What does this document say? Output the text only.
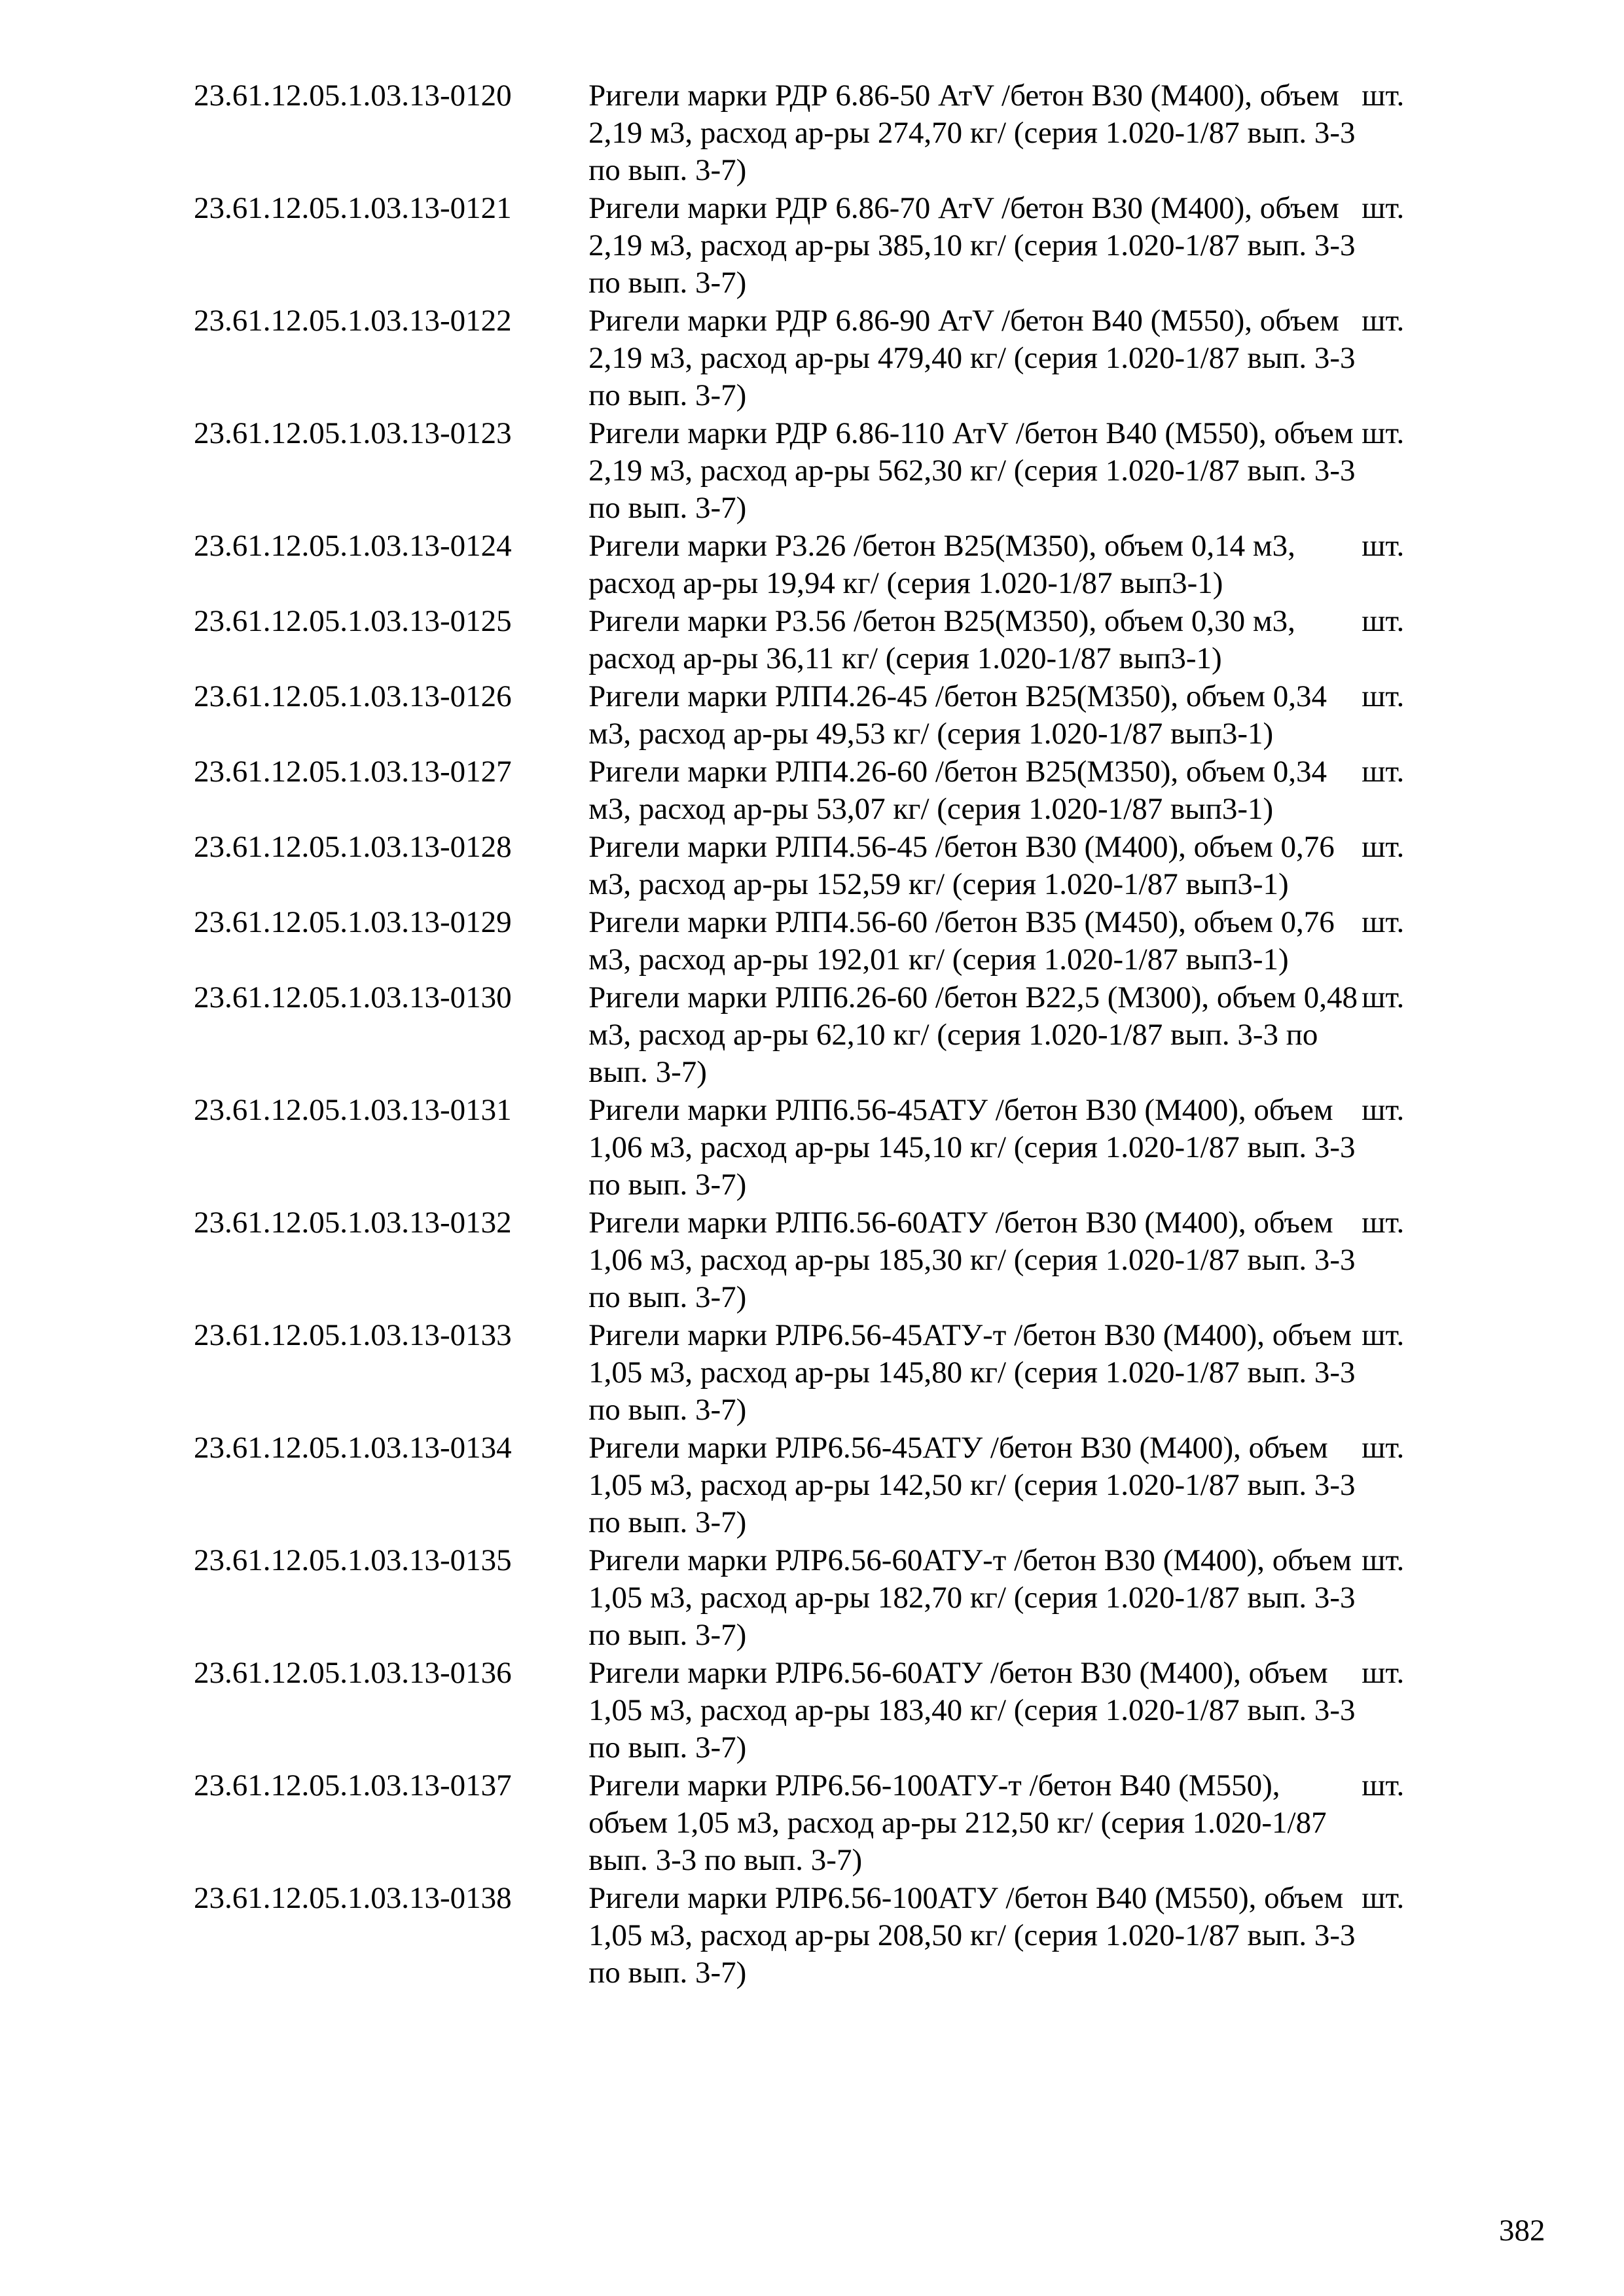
23.61.12.05.1.03.13-0120	Ригели марки РДР 6.86-50 АтV /бетон В30 (М400), объем 2,19 м3, расход ар-ры 274,70 кг/ (серия 1.020-1/87 вып. 3-3 по вып. 3-7)	шт.
23.61.12.05.1.03.13-0121	Ригели марки РДР 6.86-70 АтV /бетон В30 (М400), объем 2,19 м3, расход ар-ры 385,10 кг/ (серия 1.020-1/87 вып. 3-3 по вып. 3-7)	шт.
23.61.12.05.1.03.13-0122	Ригели марки РДР 6.86-90 АтV /бетон В40 (М550), объем 2,19 м3, расход ар-ры 479,40 кг/ (серия 1.020-1/87 вып. 3-3 по вып. 3-7)	шт.
23.61.12.05.1.03.13-0123	Ригели марки РДР 6.86-110 АтV /бетон В40 (М550), объем 2,19 м3, расход ар-ры 562,30 кг/ (серия 1.020-1/87 вып. 3-3 по вып. 3-7)	шт.
23.61.12.05.1.03.13-0124	Ригели марки Р3.26 /бетон В25(М350), объем 0,14 м3, расход ар-ры 19,94 кг/ (серия 1.020-1/87 вып3-1)	шт.
23.61.12.05.1.03.13-0125	Ригели марки Р3.56 /бетон В25(М350), объем 0,30 м3, расход ар-ры 36,11 кг/ (серия 1.020-1/87 вып3-1)	шт.
23.61.12.05.1.03.13-0126	Ригели марки РЛП4.26-45 /бетон В25(М350), объем 0,34 м3, расход ар-ры 49,53 кг/ (серия 1.020-1/87 вып3-1)	шт.
23.61.12.05.1.03.13-0127	Ригели марки РЛП4.26-60 /бетон В25(М350), объем 0,34 м3, расход ар-ры 53,07 кг/ (серия 1.020-1/87 вып3-1)	шт.
23.61.12.05.1.03.13-0128	Ригели марки РЛП4.56-45 /бетон В30 (М400), объем 0,76 м3, расход ар-ры 152,59 кг/ (серия 1.020-1/87 вып3-1)	шт.
23.61.12.05.1.03.13-0129	Ригели марки РЛП4.56-60 /бетон В35 (М450), объем 0,76 м3, расход ар-ры 192,01 кг/ (серия 1.020-1/87 вып3-1)	шт.
23.61.12.05.1.03.13-0130	Ригели марки РЛП6.26-60 /бетон В22,5 (М300), объем 0,48 м3, расход ар-ры 62,10 кг/ (серия 1.020-1/87 вып. 3-3 по вып. 3-7)	шт.
23.61.12.05.1.03.13-0131	Ригели марки РЛП6.56-45АТУ /бетон В30 (М400), объем 1,06 м3, расход ар-ры 145,10 кг/ (серия 1.020-1/87 вып. 3-3 по вып. 3-7)	шт.
23.61.12.05.1.03.13-0132	Ригели марки РЛП6.56-60АТУ /бетон В30 (М400), объем 1,06 м3, расход ар-ры 185,30 кг/ (серия 1.020-1/87 вып. 3-3 по вып. 3-7)	шт.
23.61.12.05.1.03.13-0133	Ригели марки РЛР6.56-45АТУ-т /бетон В30 (М400), объем 1,05 м3, расход ар-ры 145,80 кг/ (серия 1.020-1/87 вып. 3-3 по вып. 3-7)	шт.
23.61.12.05.1.03.13-0134	Ригели марки РЛР6.56-45АТУ /бетон В30 (М400), объем 1,05 м3, расход ар-ры 142,50 кг/ (серия 1.020-1/87 вып. 3-3 по вып. 3-7)	шт.
23.61.12.05.1.03.13-0135	Ригели марки РЛР6.56-60АТУ-т /бетон В30 (М400), объем 1,05 м3, расход ар-ры 182,70 кг/ (серия 1.020-1/87 вып. 3-3 по вып. 3-7)	шт.
23.61.12.05.1.03.13-0136	Ригели марки РЛР6.56-60АТУ /бетон В30 (М400), объем 1,05 м3, расход ар-ры 183,40 кг/ (серия 1.020-1/87 вып. 3-3 по вып. 3-7)	шт.
23.61.12.05.1.03.13-0137	Ригели марки РЛР6.56-100АТУ-т /бетон В40 (М550), объем 1,05 м3, расход ар-ры 212,50 кг/ (серия 1.020-1/87 вып. 3-3 по вып. 3-7)	шт.
23.61.12.05.1.03.13-0138	Ригели марки РЛР6.56-100АТУ /бетон В40 (М550), объем 1,05 м3, расход ар-ры 208,50 кг/ (серия 1.020-1/87 вып. 3-3 по вып. 3-7)	шт.
382
